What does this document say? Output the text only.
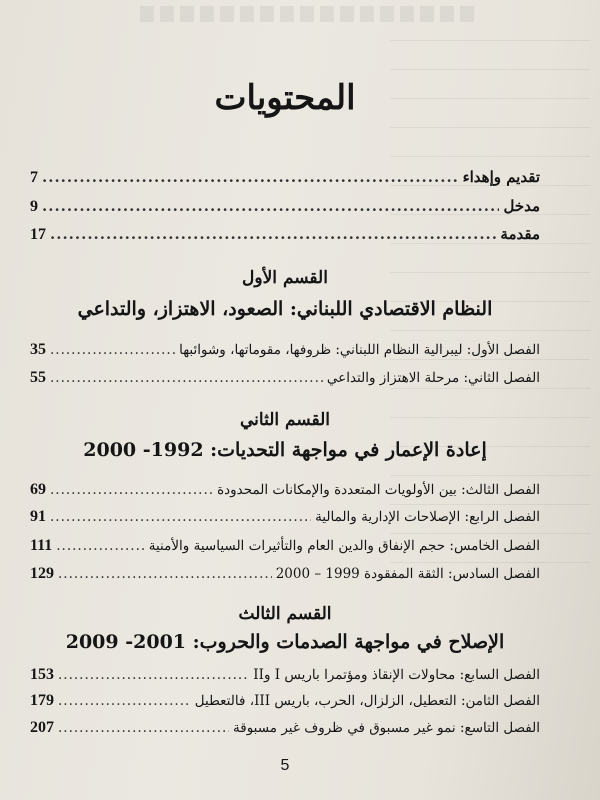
المحتويات
تقديم وإهداء
.....
7
مدخل
.....
9
مقدمة
.....
17
القسم الأول
النظام الاقتصادي اللبناني: الصعود، الاهتزاز، والتداعي
الفصل الأول: ليبرالية النظام اللبناني: ظروفها، مقوماتها، وشوائبها
.....
35
الفصل الثاني: مرحلة الاهتزاز والتداعي
.....
55
القسم الثاني
إعادة الإعمار في مواجهة التحديات: 1992- 2000
الفصل الثالث: بين الأولويات المتعددة والإمكانات المحدودة
.....
69
الفصل الرابع: الإصلاحات الإدارية والمالية
.....
91
الفصل الخامس: حجم الإنفاق والدين العام والتأثيرات السياسية والأمنية
.....
111
الفصل السادس: الثقة المفقودة 1999 – 2000
.....
129
القسم الثالث
الإصلاح في مواجهة الصدمات والحروب: 2001- 2009
الفصل السابع: محاولات الإنقاذ ومؤتمرا باريس I وII
.....
153
الفصل الثامن: التعطيل، الزلزال، الحرب، باريس III، فالتعطيل
.....
179
الفصل التاسع: نمو غير مسبوق في ظروف غير مسبوقة
.....
207
5
